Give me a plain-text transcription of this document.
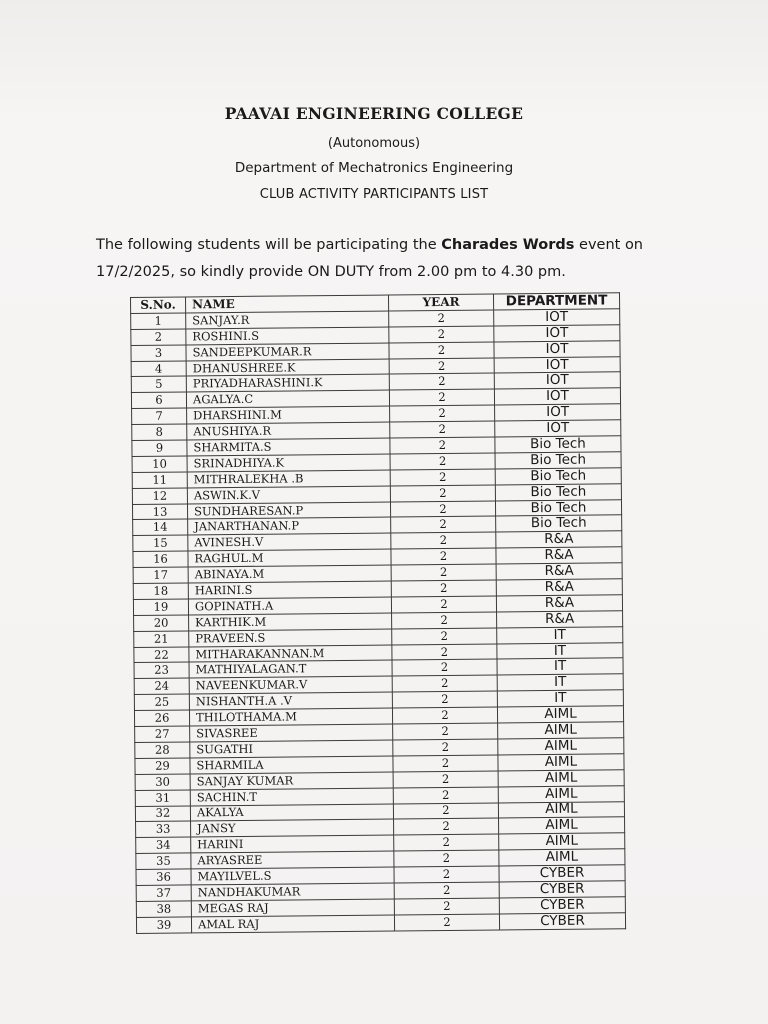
PAAVAI ENGINEERING COLLEGE
(Autonomous)
Department of Mechatronics Engineering
CLUB ACTIVITY PARTICIPANTS LIST
The following students will be participating the Charades Words event on 17/2/2025, so kindly provide ON DUTY from 2.00 pm to 4.30 pm.
S.No.	NAME	YEAR	DEPARTMENT
1	SANJAY.R	2	IOT
2	ROSHINI.S	2	IOT
3	SANDEEPKUMAR.R	2	IOT
4	DHANUSHREE.K	2	IOT
5	PRIYADHARASHINI.K	2	IOT
6	AGALYA.C	2	IOT
7	DHARSHINI.M	2	IOT
8	ANUSHIYA.R	2	IOT
9	SHARMITA.S	2	Bio Tech
10	SRINADHIYA.K	2	Bio Tech
11	MITHRALEKHA .B	2	Bio Tech
12	ASWIN.K.V	2	Bio Tech
13	SUNDHARESAN.P	2	Bio Tech
14	JANARTHANAN.P	2	Bio Tech
15	AVINESH.V	2	R&A
16	RAGHUL.M	2	R&A
17	ABINAYA.M	2	R&A
18	HARINI.S	2	R&A
19	GOPINATH.A	2	R&A
20	KARTHIK.M	2	R&A
21	PRAVEEN.S	2	IT
22	MITHARAKANNAN.M	2	IT
23	MATHIYALAGAN.T	2	IT
24	NAVEENKUMAR.V	2	IT
25	NISHANTH.A .V	2	IT
26	THILOTHAMA.M	2	AIML
27	SIVASREE	2	AIML
28	SUGATHI	2	AIML
29	SHARMILA	2	AIML
30	SANJAY KUMAR	2	AIML
31	SACHIN.T	2	AIML
32	AKALYA	2	AIML
33	JANSY	2	AIML
34	HARINI	2	AIML
35	ARYASREE	2	AIML
36	MAYILVEL.S	2	CYBER
37	NANDHAKUMAR	2	CYBER
38	MEGAS RAJ	2	CYBER
39	AMAL RAJ	2	CYBER
